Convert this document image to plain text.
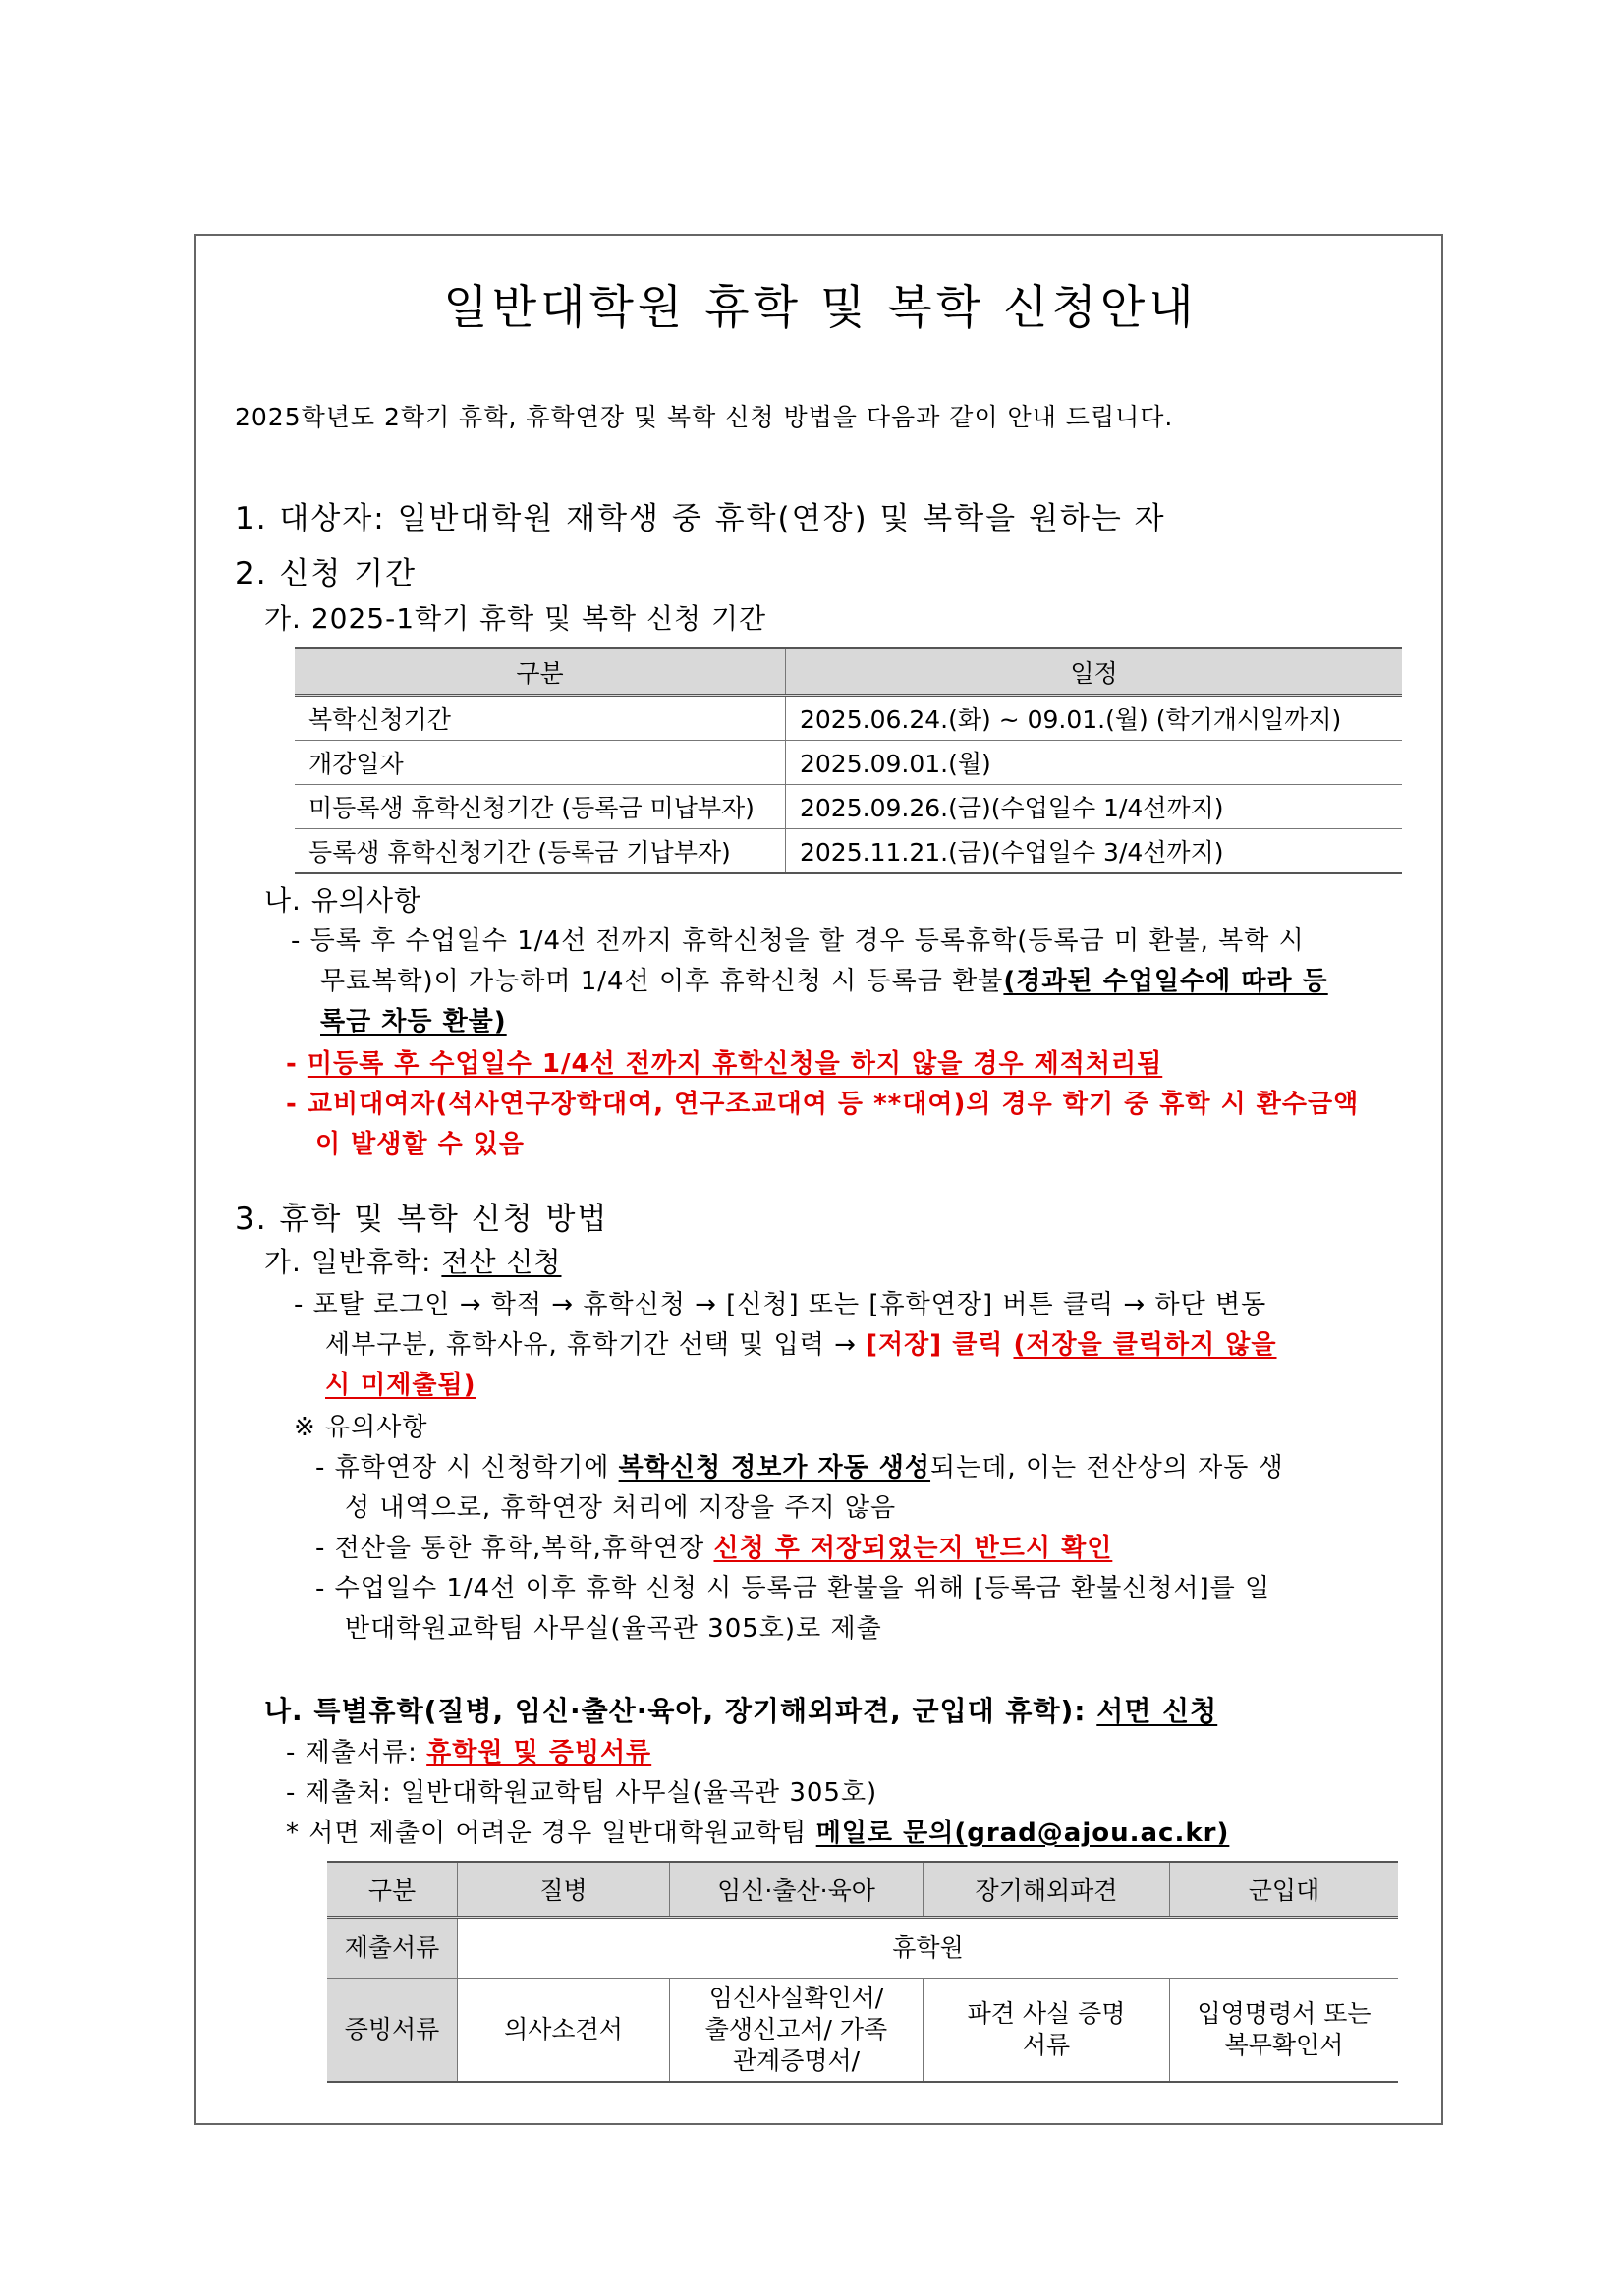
일반대학원 휴학 및 복학 신청안내
2025학년도 2학기 휴학, 휴학연장 및 복학 신청 방법을 다음과 같이 안내 드립니다.
1. 대상자: 일반대학원 재학생 중 휴학(연장) 및 복학을 원하는 자
2. 신청 기간
가. 2025-1학기 휴학 및 복학 신청 기간
구분	일정
복학신청기간	2025.06.24.(화) ~ 09.01.(월) (학기개시일까지)
개강일자	2025.09.01.(월)
미등록생 휴학신청기간 (등록금 미납부자)	2025.09.26.(금)(수업일수 1/4선까지)
등록생 휴학신청기간 (등록금 기납부자)	2025.11.21.(금)(수업일수 3/4선까지)
나. 유의사항
- 등록 후 수업일수 1/4선 전까지 휴학신청을 할 경우 등록휴학(등록금 미 환불, 복학 시
무료복학)이 가능하며 1/4선 이후 휴학신청 시 등록금 환불(경과된 수업일수에 따라 등
록금 차등 환불)
- 미등록 후 수업일수 1/4선 전까지 휴학신청을 하지 않을 경우 제적처리됨
- 교비대여자(석사연구장학대여, 연구조교대여 등 **대여)의 경우 학기 중 휴학 시 환수금액
이 발생할 수 있음
3. 휴학 및 복학 신청 방법
가. 일반휴학: 전산 신청
- 포탈 로그인 → 학적 → 휴학신청 → [신청] 또는 [휴학연장] 버튼 클릭 → 하단 변동
세부구분, 휴학사유, 휴학기간 선택 및 입력 → [저장] 클릭 (저장을 클릭하지 않을
시 미제출됨)
※ 유의사항
- 휴학연장 시 신청학기에 복학신청 정보가 자동 생성되는데, 이는 전산상의 자동 생
성 내역으로, 휴학연장 처리에 지장을 주지 않음
- 전산을 통한 휴학,복학,휴학연장 신청 후 저장되었는지 반드시 확인
- 수업일수 1/4선 이후 휴학 신청 시 등록금 환불을 위해 [등록금 환불신청서]를 일
반대학원교학팀 사무실(율곡관 305호)로 제출
나. 특별휴학(질병, 임신·출산·육아, 장기해외파견, 군입대 휴학): 서면 신청
- 제출서류: 휴학원 및 증빙서류
- 제출처: 일반대학원교학팀 사무실(율곡관 305호)
* 서면 제출이 어려운 경우 일반대학원교학팀 메일로 문의(grad@ajou.ac.kr)
구분	질병	임신·출산·육아	장기해외파견	군입대
제출서류	휴학원			
증빙서류	의사소견서	임신사실확인서/ 출생신고서/ 가족관계증명서/	파견 사실 증명 서류	입영명령서 또는 복무확인서
